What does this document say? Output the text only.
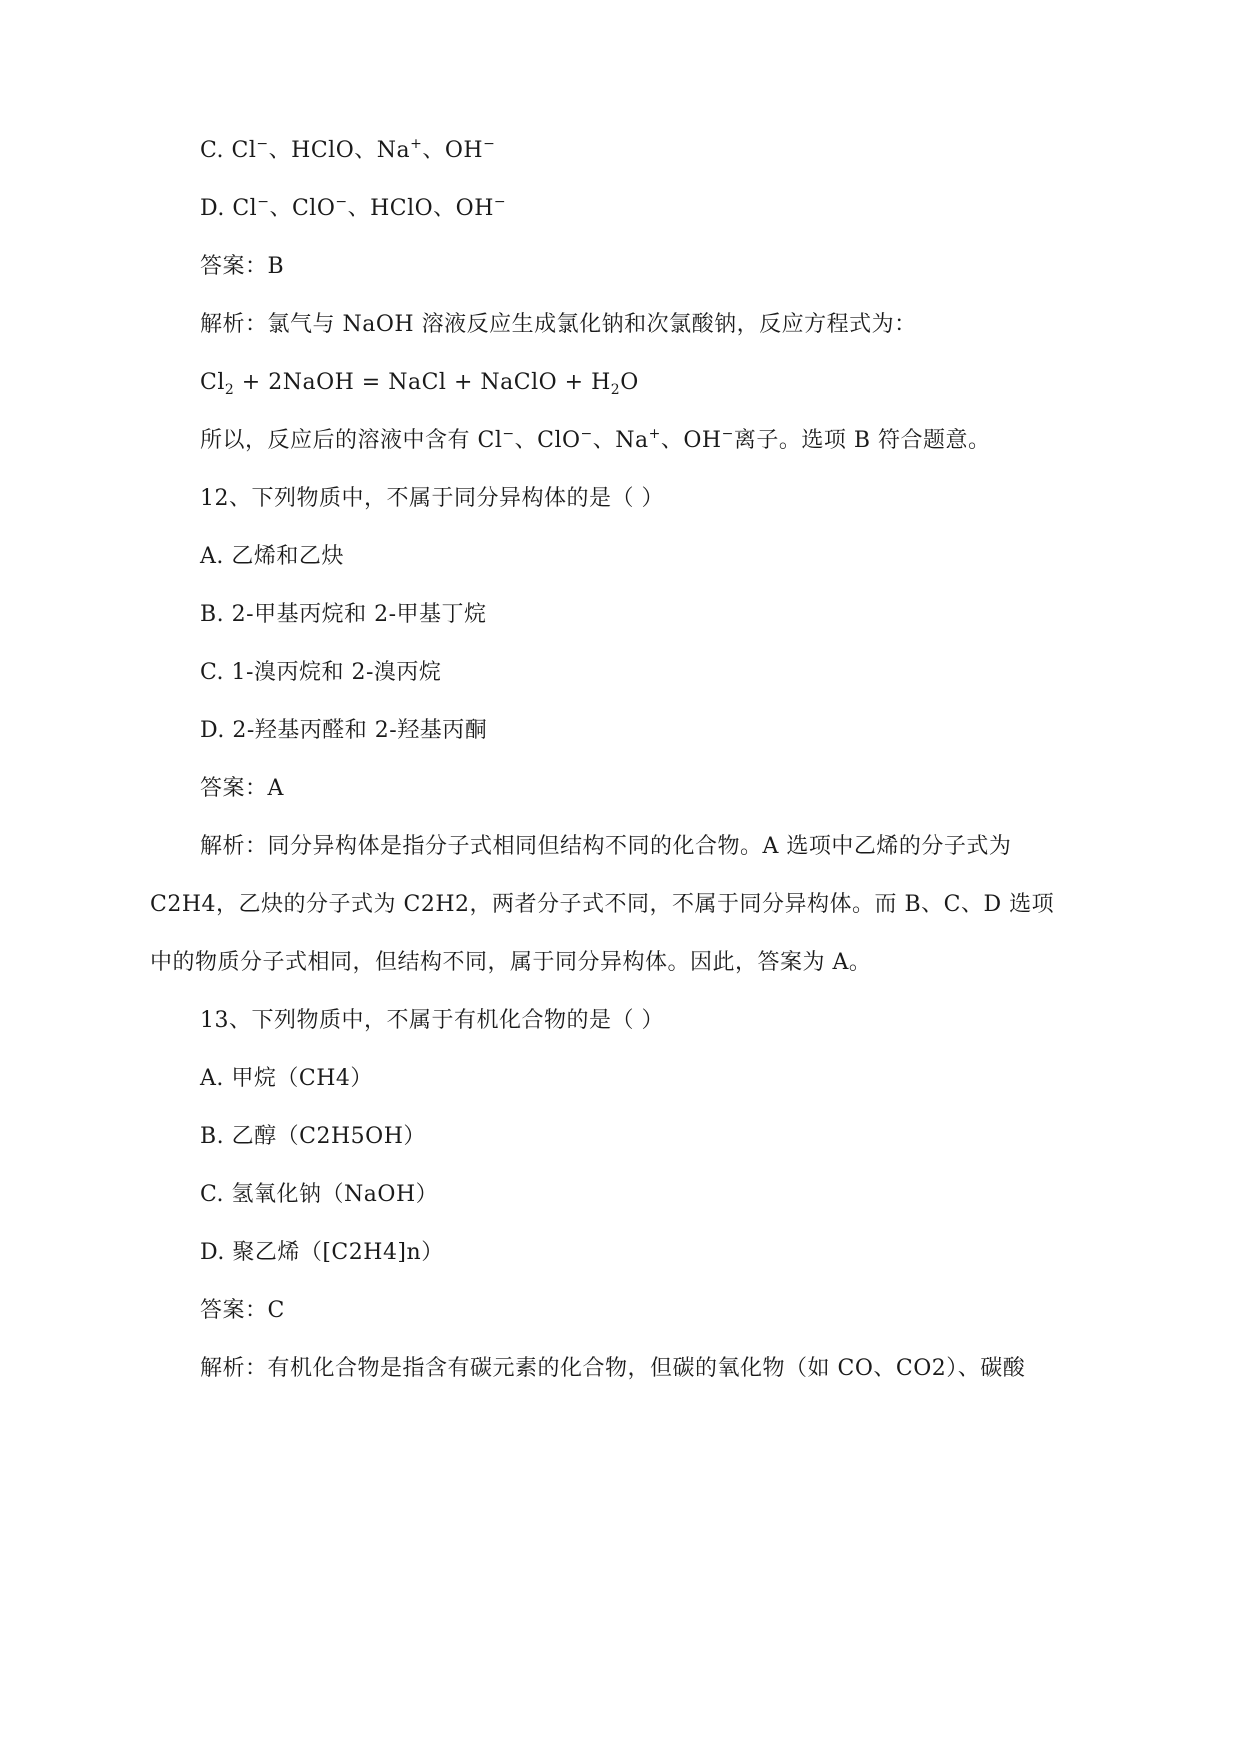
C. Cl−、HClO、Na+、OH−
D. Cl−、ClO−、HClO、OH−
答案：B
解析：氯气与 NaOH 溶液反应生成氯化钠和次氯酸钠，反应方程式为：
$Cl_2$ + 2NaOH = NaCl + NaClO + $H_2O$
所以，反应后的溶液中含有 Cl−、ClO−、Na+、OH−离子。选项 B 符合题意。
12、下列物质中，不属于同分异构体的是（ ）
A. 乙烯和乙炔
B. 2-甲基丙烷和 2-甲基丁烷
C. 1-溴丙烷和 2-溴丙烷
D. 2-羟基丙醛和 2-羟基丙酮
答案：A
解析：同分异构体是指分子式相同但结构不同的化合物。A 选项中乙烯的分子式为
C2H4，乙炔的分子式为 C2H2，两者分子式不同，不属于同分异构体。而 B、C、D 选项
中的物质分子式相同，但结构不同，属于同分异构体。因此，答案为 A。
13、下列物质中，不属于有机化合物的是（ ）
A. 甲烷（CH4）
B. 乙醇（C2H5OH）
C. 氢氧化钠（NaOH）
D. 聚乙烯（[C2H4]n）
答案：C
解析：有机化合物是指含有碳元素的化合物，但碳的氧化物（如 CO、CO2）、碳酸
